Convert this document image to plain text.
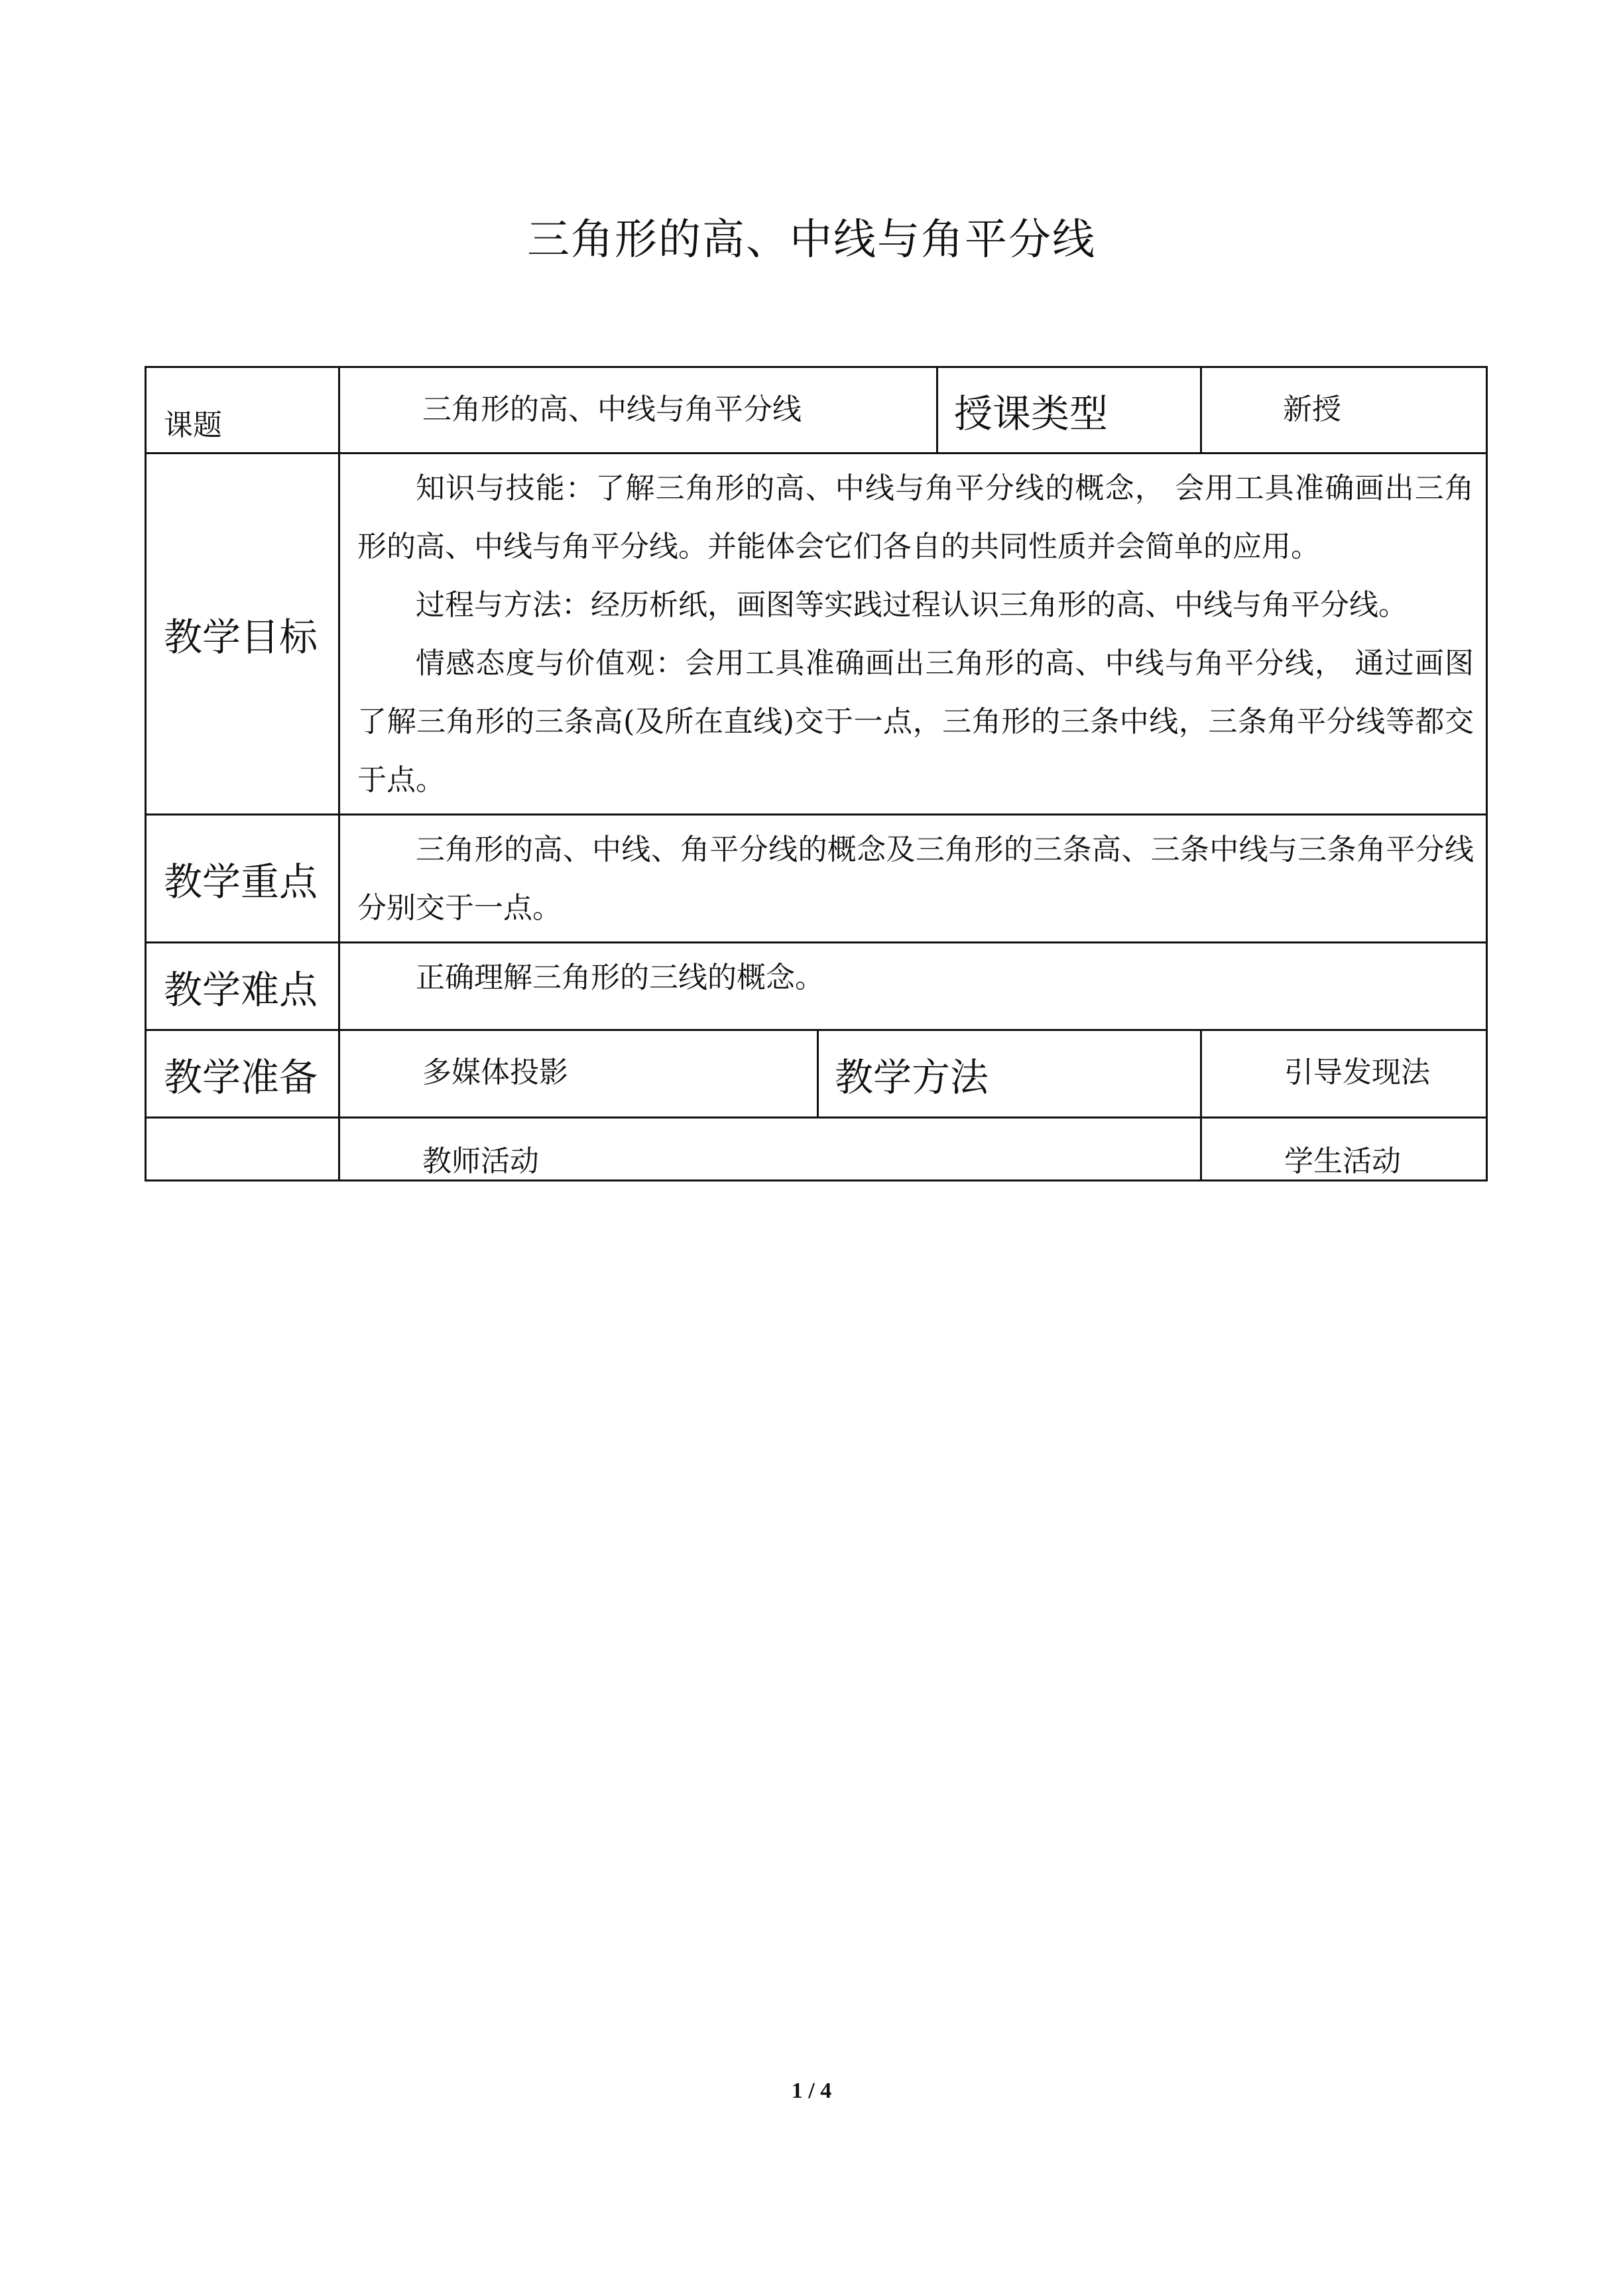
三角形的高、中线与角平分线
课题	三角形的高、中线与角平分线		授课类型	新授
教学目标	知识与技能：了解三角形的高、中线与角平分线的概念， 会用工具准确画出三角形的高、中线与角平分线。并能体会它们各自的共同性质并会简单的应用。

过程与方法：经历析纸，画图等实践过程认识三角形的高、中线与角平分线。

情感态度与价值观：会用工具准确画出三角形的高、中线与角平分线， 通过画图了解三角形的三条高(及所在直线)交于一点，三角形的三条中线，三条角平分线等都交于点。			

教学重点	三角形的高、中线、角平分线的概念及三角形的三条高、三条中线与三条角平分线分别交于一点。			

教学难点	正确理解三角形的三线的概念。			

教学准备	多媒体投影	教学方法		引导发现法
	教师活动			学生活动
1 / 4
